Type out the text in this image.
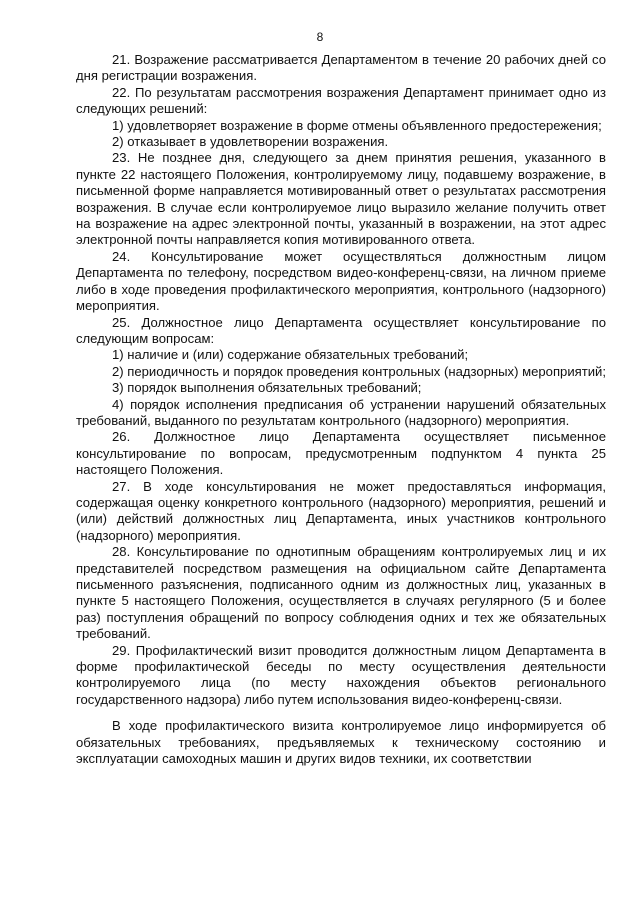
8

21. Возражение рассматривается Департаментом в течение 20 рабочих дней со дня регистрации возражения.

22. По результатам рассмотрения возражения Департамент принимает одно из следующих решений:

1) удовлетворяет возражение в форме отмены объявленного предостережения;

2) отказывает в удовлетворении возражения.

23. Не позднее дня, следующего за днем принятия решения, указанного в пункте 22 настоящего Положения, контролируемому лицу, подавшему возражение, в письменной форме направляется мотивированный ответ о результатах рассмотрения возражения. В случае если контролируемое лицо выразило желание получить ответ на возражение на адрес электронной почты, указанный в возражении, на этот адрес электронной почты направляется копия мотивированного ответа.

24. Консультирование может осуществляться должностным лицом Департамента по телефону, посредством видео-конференц-связи, на личном приеме либо в ходе проведения профилактического мероприятия, контрольного (надзорного) мероприятия.

25. Должностное лицо Департамента осуществляет консультирование по следующим вопросам:

1) наличие и (или) содержание обязательных требований;

2) периодичность и порядок проведения контрольных (надзорных) мероприятий;

3) порядок выполнения обязательных требований;

4) порядок исполнения предписания об устранении нарушений обязательных требований, выданного по результатам контрольного (надзорного) мероприятия.

26. Должностное лицо Департамента осуществляет письменное консультирование по вопросам, предусмотренным подпунктом 4 пункта 25 настоящего Положения.

27. В ходе консультирования не может предоставляться информация, содержащая оценку конкретного контрольного (надзорного) мероприятия, решений и (или) действий должностных лиц Департамента, иных участников контрольного (надзорного) мероприятия.

28. Консультирование по однотипным обращениям контролируемых лиц и их представителей посредством размещения на официальном сайте Департамента письменного разъяснения, подписанного одним из должностных лиц, указанных в пункте 5 настоящего Положения, осуществляется в случаях регулярного (5 и более раз) поступления обращений по вопросу соблюдения одних и тех же обязательных требований.

29. Профилактический визит проводится должностным лицом Департамента в форме профилактической беседы по месту осуществления деятельности контролируемого лица (по месту нахождения объектов регионального государственного надзора) либо путем использования видео-конференц-связи.

В ходе профилактического визита контролируемое лицо информируется об обязательных требованиях, предъявляемых к техническому состоянию и эксплуатации самоходных машин и других видов техники, их соответствии
